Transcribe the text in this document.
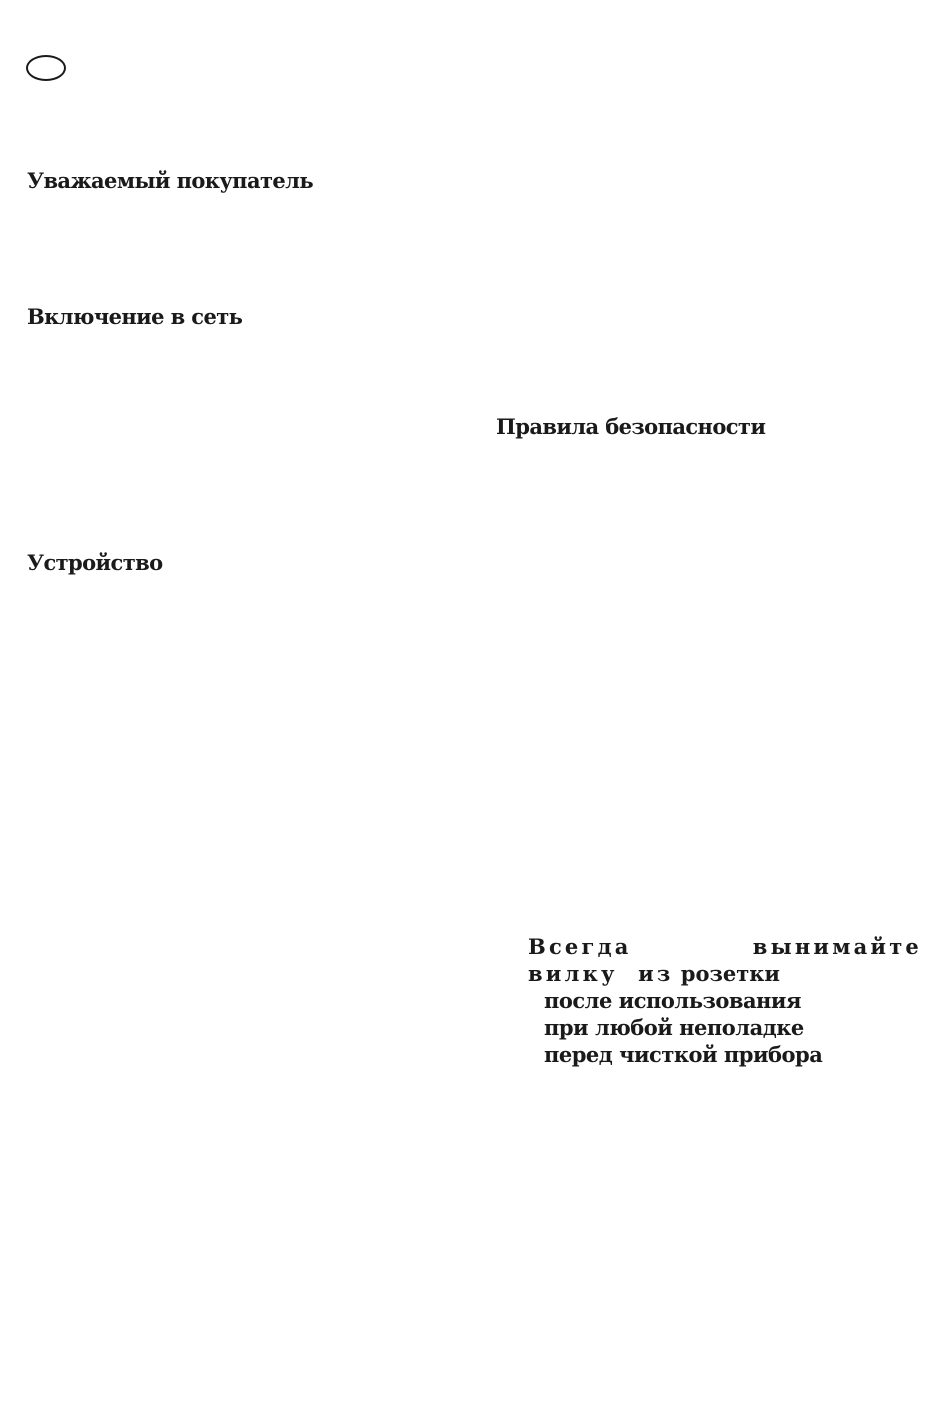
Уважаемый покупатель
Включение в сеть
Правила безопасности
Устройство

Всегда вынимайте вилку из розетки

после использования
при любой неполадке
перед чисткой прибора
